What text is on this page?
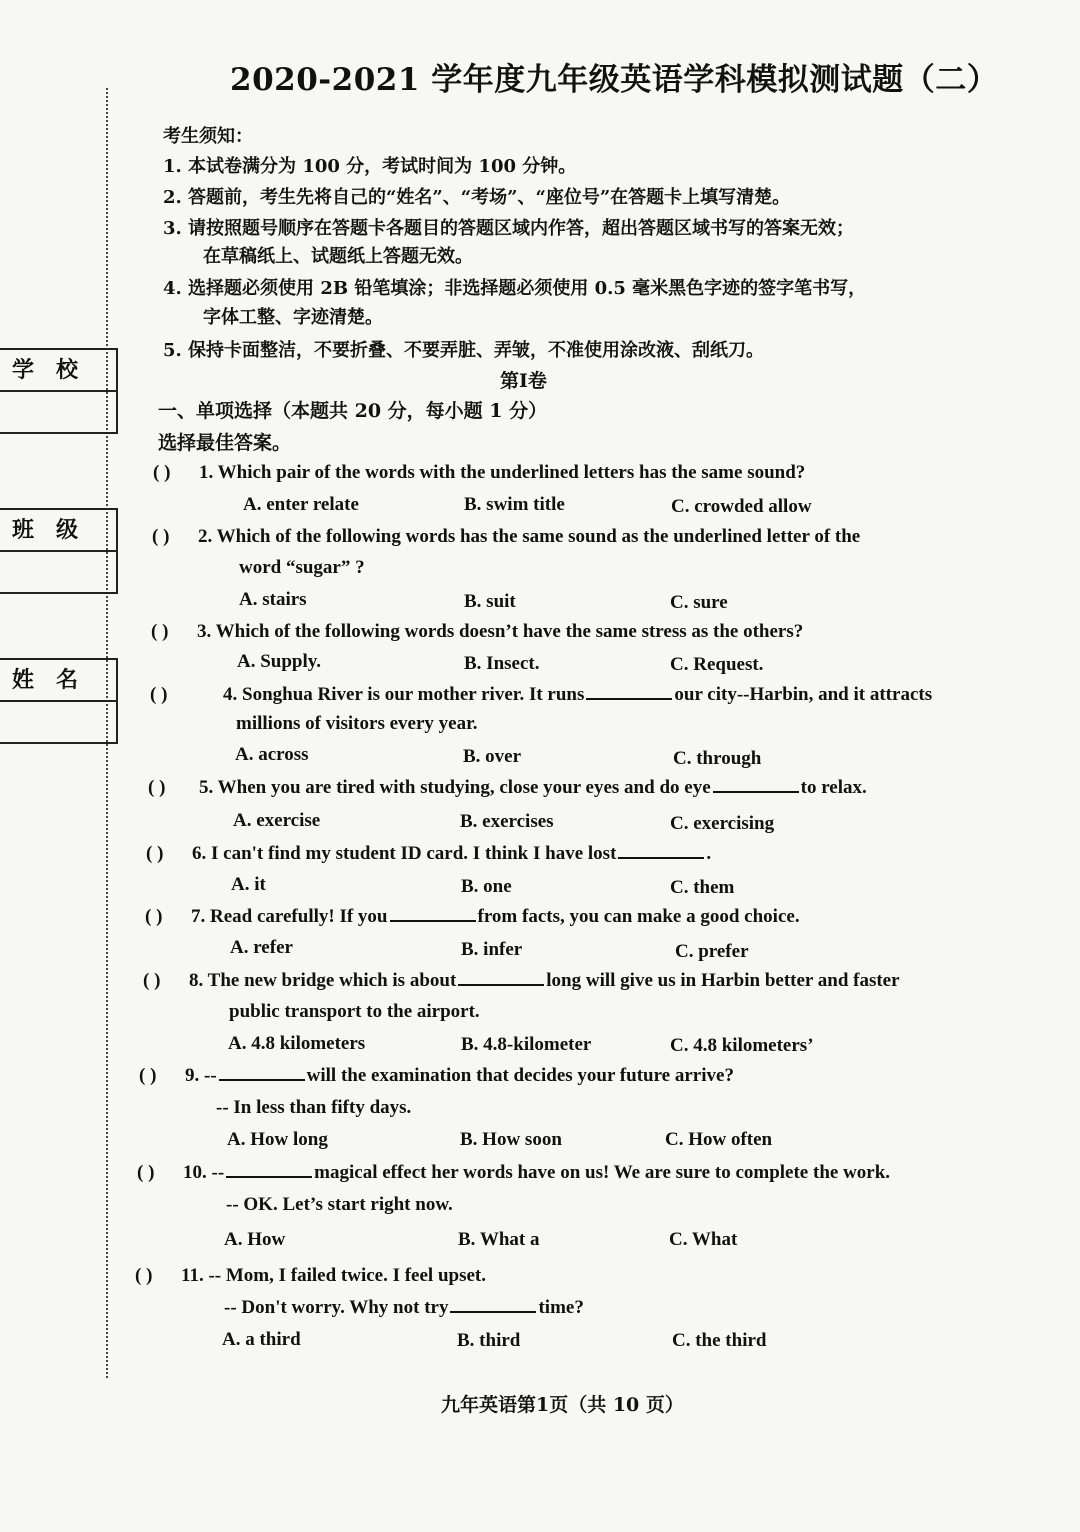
学校
班级
姓名
2020-2021 学年度九年级英语学科模拟测试题（二）
考生须知：
1. 本试卷满分为 100 分，考试时间为 100 分钟。
2. 答题前，考生先将自己的“姓名”、“考场”、“座位号”在答题卡上填写清楚。
3. 请按照题号顺序在答题卡各题目的答题区域内作答，超出答题区域书写的答案无效；
在草稿纸上、试题纸上答题无效。
4. 选择题必须使用 2B 铅笔填涂；非选择题必须使用 0.5 毫米黑色字迹的签字笔书写，
字体工整、字迹清楚。
5. 保持卡面整洁，不要折叠、不要弄脏、弄皱，不准使用涂改液、刮纸刀。
第I卷
一、单项选择（本题共 20 分，每小题 1 分）
选择最佳答案。
( ) 1. Which pair of the words with the underlined letters has the same sound?
A. enter relate	B. swim title	C. crowded allow
( ) 2. Which of the following words has the same sound as the underlined letter of the
word “sugar” ?
A. stairs	B. suit	C. sure
( ) 3. Which of the following words doesn’t have the same stress as the others?
A. Supply.	B. Insect.	C. Request.
( )	4. Songhua River is our mother river. It runs	our city--Harbin, and it attracts
millions of visitors every year.
A. across	B. over	C. through
( ) 5. When you are tired with studying, close your eyes and do eye	to relax.
A. exercise	B. exercises	C. exercising
( ) 6. I can't find my student ID card. I think I have lost	.
A. it	B. one	C. them
( ) 7. Read carefully! If you	from facts, you can make a good choice.
A. refer	B. infer	C. prefer
( ) 8. The new bridge which is about	long will give us in Harbin better and faster
public transport to the airport.
A. 4.8 kilometers	B. 4.8-kilometer	C. 4.8 kilometers’
( ) 9. --	will the examination that decides your future arrive?
-- In less than fifty days.
A. How long	B. How soon	C. How often
( ) 10. --	magical effect her words have on us! We are sure to complete the work.
-- OK. Let’s start right now.
A. How	B. What a	C. What
( ) 11. -- Mom, I failed twice. I feel upset.
-- Don't worry. Why not try	time?
A. a third	B. third	C. the third
九年英语第1页（共 10 页）
